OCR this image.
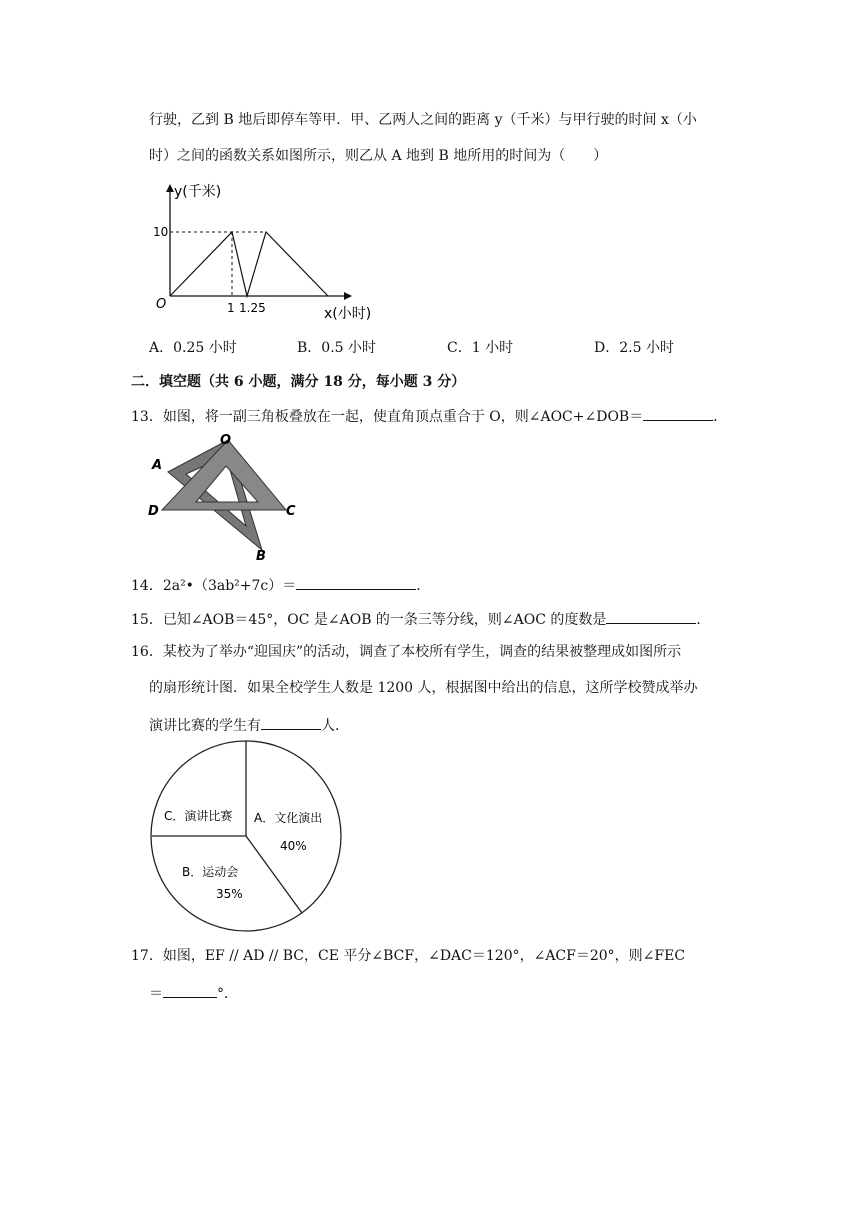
行驶，乙到 B 地后即停车等甲．甲、乙两人之间的距离 y（千米）与甲行驶的时间 x（小
时）之间的函数关系如图所示，则乙从 A 地到 B 地所用的时间为（　　）
y(千米)
10
O	1 1.25	x(小时)
A．0.25 小时	B．0.5 小时	C．1 小时	D．2.5 小时
二．填空题（共 6 小题，满分 18 分，每小题 3 分）
13．如图，将一副三角板叠放在一起，使直角顶点重合于 O，则∠AOC+∠DOB＝	．
O
A
D	C
B
14．2a²•（3ab²+7c）＝	．
15．已知∠AOB＝45°，OC 是∠AOB 的一条三等分线，则∠AOC 的度数是	．
16．某校为了举办“迎国庆”的活动，调查了本校所有学生，调查的结果被整理成如图所示
的扇形统计图．如果全校学生人数是 1200 人，根据图中给出的信息，这所学校赞成举办
演讲比赛的学生有	人．
A．文化演出
40%
B．运动会
35%
C．演讲比赛
17．如图，EF // AD // BC，CE 平分∠BCF，∠DAC＝120°，∠ACF＝20°，则∠FEC
＝	°．
